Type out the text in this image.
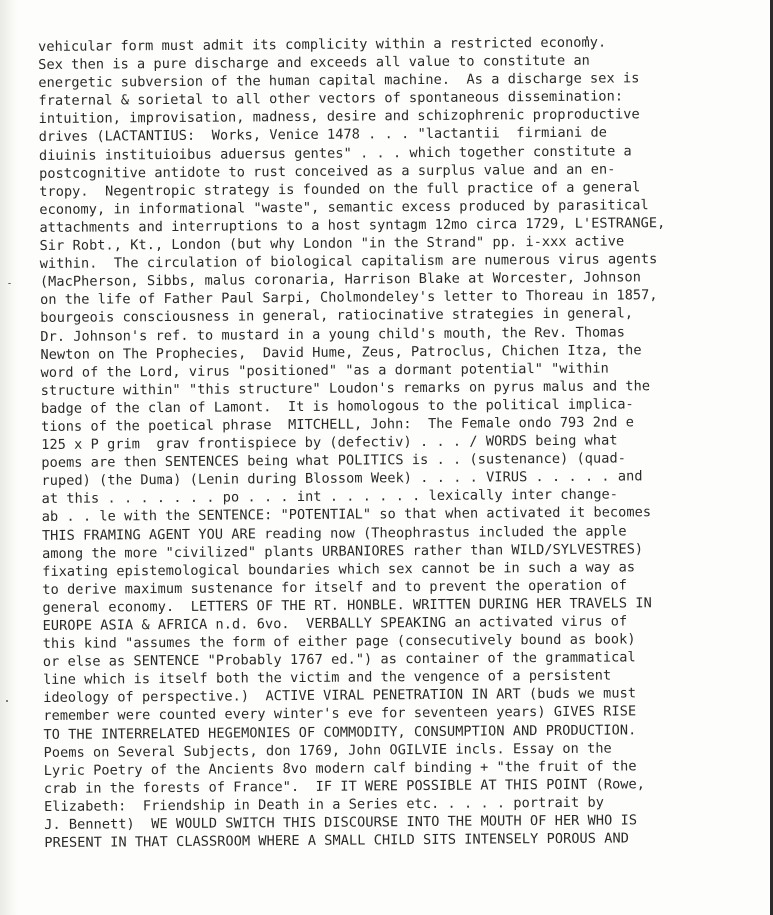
vehicular form must admit its complicity within a restricted economy.
Sex then is a pure discharge and exceeds all value to constitute an
energetic subversion of the human capital machine.  As a discharge sex is
fraternal & sorietal to all other vectors of spontaneous dissemination:
intuition, improvisation, madness, desire and schizophrenic proproductive
drives (LACTANTIUS:  Works, Venice 1478 . . . "lactantii  firmiani de
diuinis instituioibus aduersus gentes" . . . which together constitute a
postcognitive antidote to rust conceived as a surplus value and an en-
tropy.  Negentropic strategy is founded on the full practice of a general
economy, in informational "waste", semantic excess produced by parasitical
attachments and interruptions to a host syntagm 12mo circa 1729, L'ESTRANGE,
Sir Robt., Kt., London (but why London "in the Strand" pp. i-xxx active
within.  The circulation of biological capitalism are numerous virus agents
(MacPherson, Sibbs, malus coronaria, Harrison Blake at Worcester, Johnson
on the life of Father Paul Sarpi, Cholmondeley's letter to Thoreau in 1857,
bourgeois consciousness in general, ratiocinative strategies in general,
Dr. Johnson's ref. to mustard in a young child's mouth, the Rev. Thomas
Newton on The Prophecies,  David Hume, Zeus, Patroclus, Chichen Itza, the
word of the Lord, virus "positioned" "as a dormant potential" "within
structure within" "this structure" Loudon's remarks on pyrus malus and the
badge of the clan of Lamont.  It is homologous to the political implica-
tions of the poetical phrase  MITCHELL, John:  The Female ondo 793 2nd e
125 x P grim  grav frontispiece by (defectiv) . . . / WORDS being what
poems are then SENTENCES being what POLITICS is . . (sustenance) (quad-
ruped) (the Duma) (Lenin during Blossom Week) . . . . VIRUS . . . . . and
at this . . . . . . . po . . . int . . . . . . lexically inter change-
ab . . le with the SENTENCE: "POTENTIAL" so that when activated it becomes
THIS FRAMING AGENT YOU ARE reading now (Theophrastus included the apple
among the more "civilized" plants URBANIORES rather than WILD/SYLVESTRES)
fixating epistemological boundaries which sex cannot be in such a way as
to derive maximum sustenance for itself and to prevent the operation of
general economy.  LETTERS OF THE RT. HONBLE. WRITTEN DURING HER TRAVELS IN
EUROPE ASIA & AFRICA n.d. 6vo.  VERBALLY SPEAKING an activated virus of
this kind "assumes the form of either page (consecutively bound as book)
or else as SENTENCE "Probably 1767 ed.") as container of the grammatical
line which is itself both the victim and the vengence of a persistent
ideology of perspective.)  ACTIVE VIRAL PENETRATION IN ART (buds we must
remember were counted every winter's eve for seventeen years) GIVES RISE
TO THE INTERRELATED HEGEMONIES OF COMMODITY, CONSUMPTION AND PRODUCTION.
Poems on Several Subjects, don 1769, John OGILVIE incls. Essay on the
Lyric Poetry of the Ancients 8vo modern calf binding + "the fruit of the
crab in the forests of France".  IF IT WERE POSSIBLE AT THIS POINT (Rowe,
Elizabeth:  Friendship in Death in a Series etc. . . . . portrait by
J. Bennett)  WE WOULD SWITCH THIS DISCOURSE INTO THE MOUTH OF HER WHO IS
PRESENT IN THAT CLASSROOM WHERE A SMALL CHILD SITS INTENSELY POROUS AND
